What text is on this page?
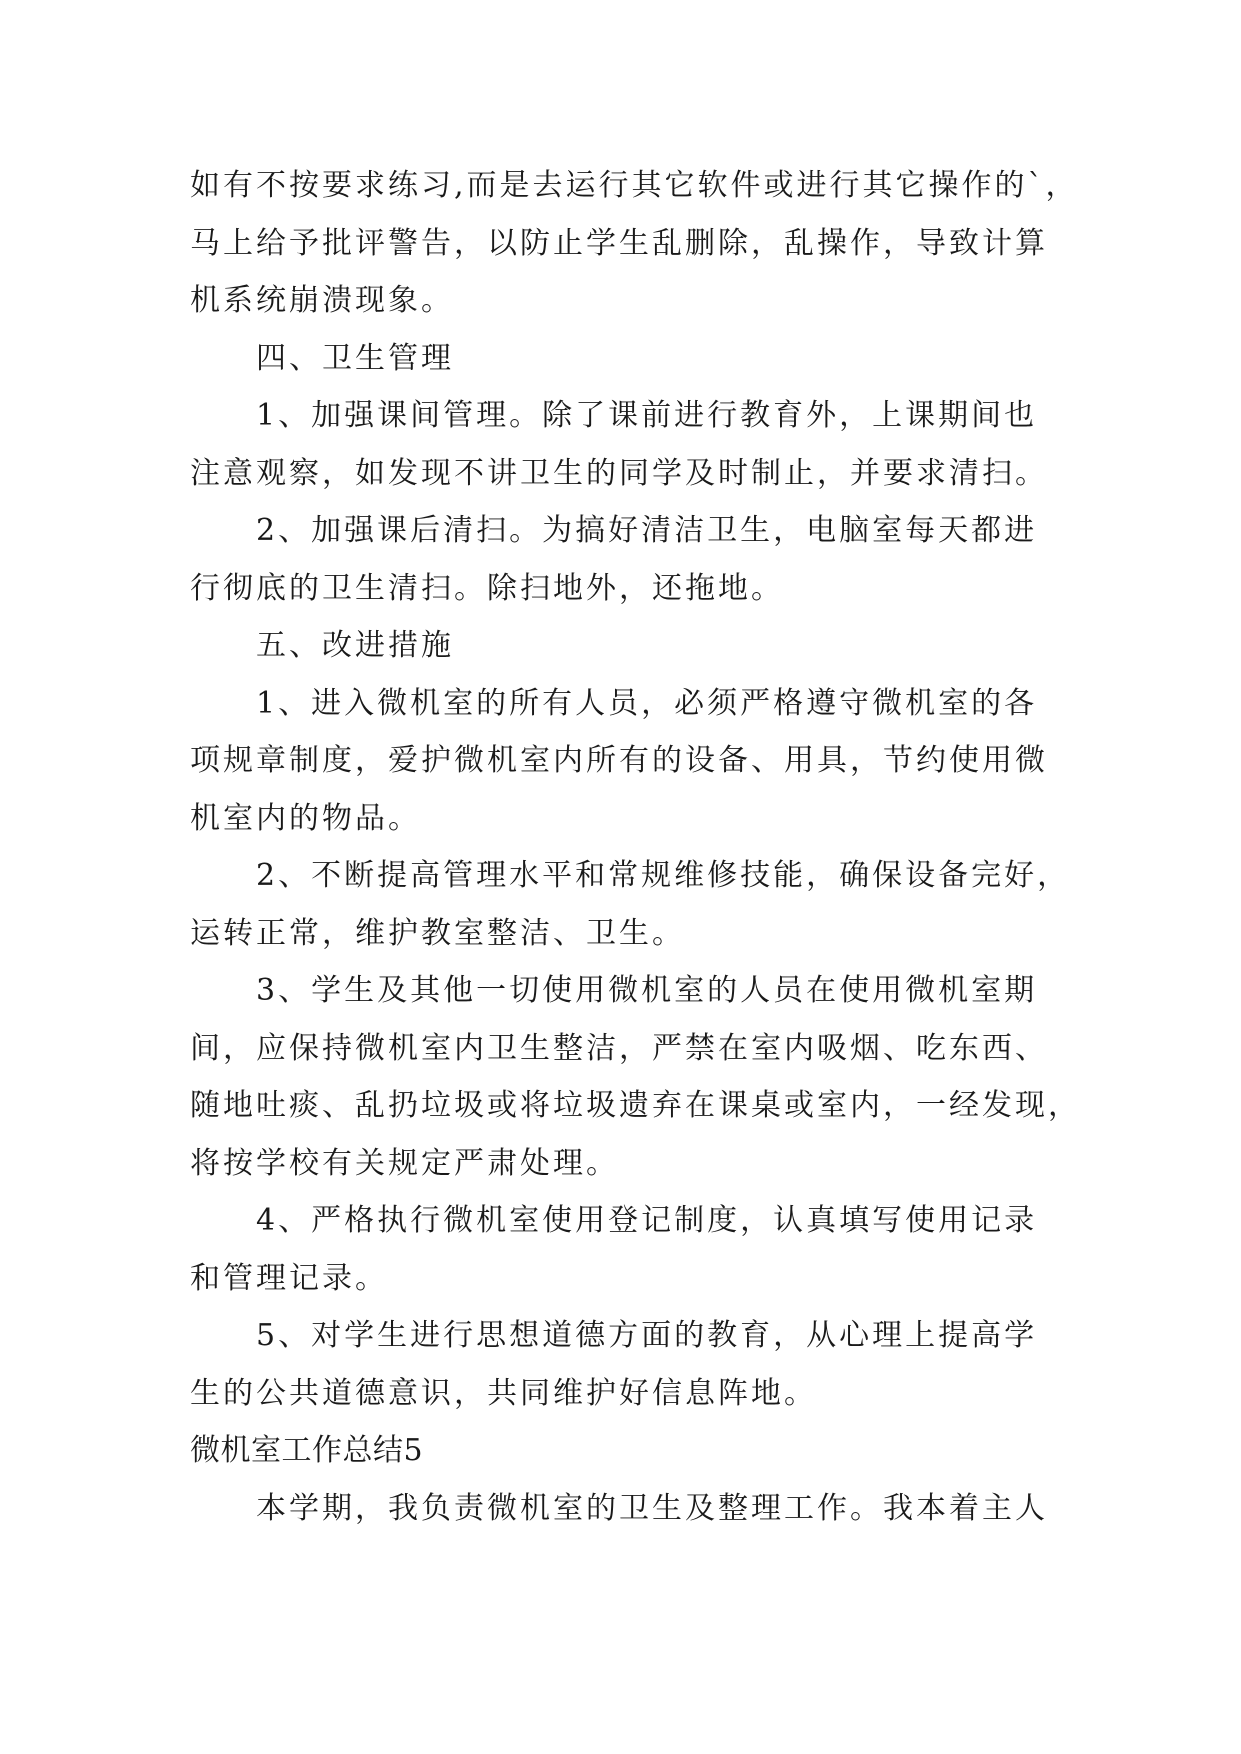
如有不按要求练习,而是去运行其它软件或进行其它操作的`，
马上给予批评警告，以防止学生乱删除，乱操作，导致计算
机系统崩溃现象。
四、卫生管理
1、加强课间管理。除了课前进行教育外，上课期间也
注意观察，如发现不讲卫生的同学及时制止，并要求清扫。
2、加强课后清扫。为搞好清洁卫生，电脑室每天都进
行彻底的卫生清扫。除扫地外，还拖地。
五、改进措施
1、进入微机室的所有人员，必须严格遵守微机室的各
项规章制度，爱护微机室内所有的设备、用具，节约使用微
机室内的物品。
2、不断提高管理水平和常规维修技能，确保设备完好，
运转正常，维护教室整洁、卫生。
3、学生及其他一切使用微机室的人员在使用微机室期
间，应保持微机室内卫生整洁，严禁在室内吸烟、吃东西、
随地吐痰、乱扔垃圾或将垃圾遗弃在课桌或室内，一经发现，
将按学校有关规定严肃处理。
4、严格执行微机室使用登记制度，认真填写使用记录
和管理记录。
5、对学生进行思想道德方面的教育，从心理上提高学
生的公共道德意识，共同维护好信息阵地。
微机室工作总结5
本学期，我负责微机室的卫生及整理工作。我本着主人
